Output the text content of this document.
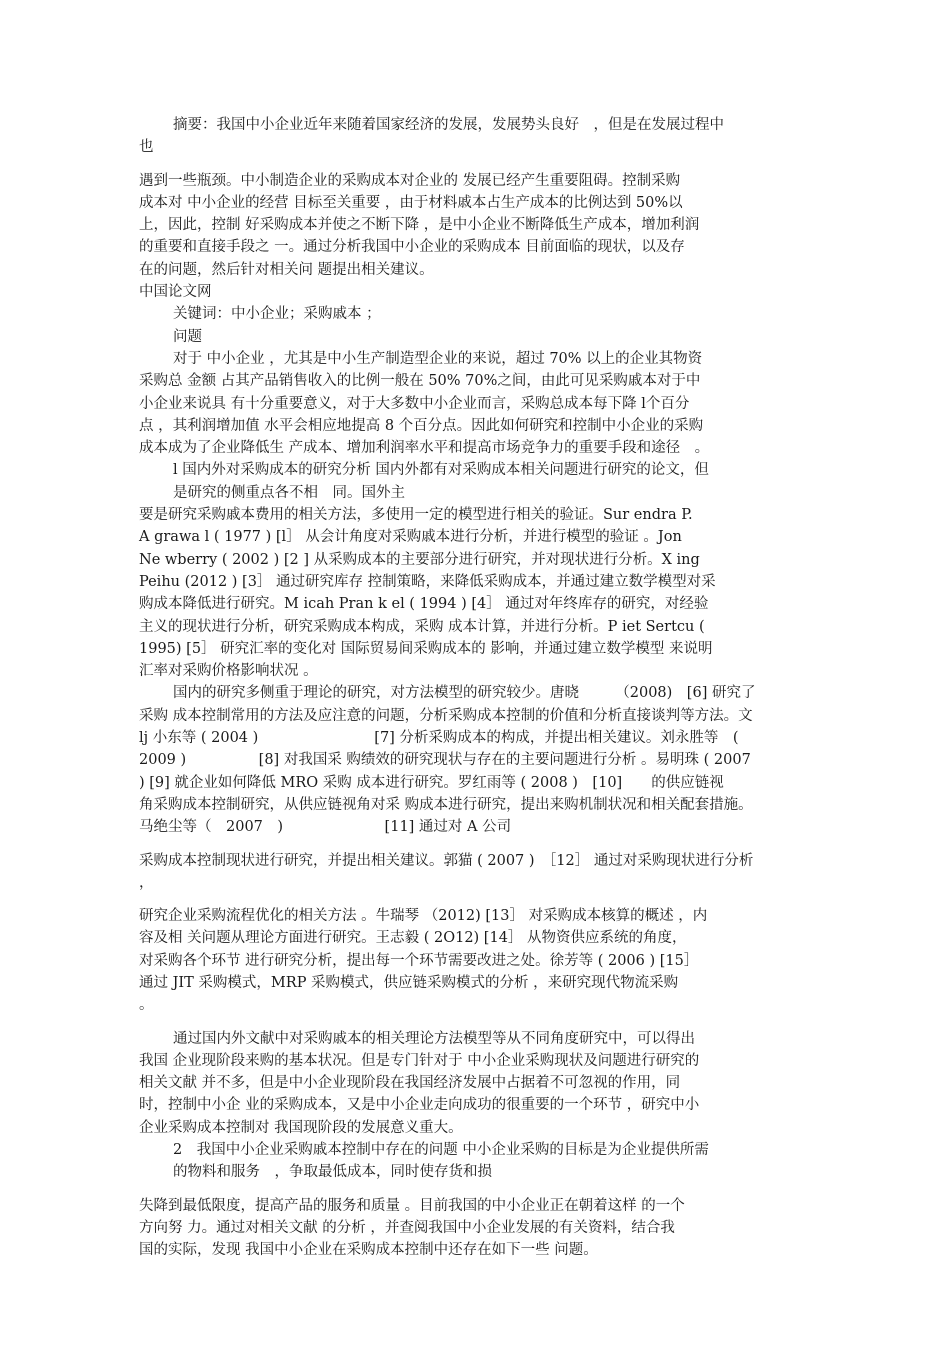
摘要：我国中小企业近年来随着国家经济的发展，发展势头良好　，但是在发展过程中

也

遇到一些瓶颈。中小制造企业的采购成本对企业的 发展已经产生重要阻碍。控制采购

成本对 中小企业的经营 目标至关重要 ，由于材料戚本占生产成本的比例达到 50%以

上，因此，控制 好采购成本并使之不断下降 ，是中小企业不断降低生产成本，增加利润

的重要和直接手段之 一。通过分析我国中小企业的采购成本 目前面临的现状，以及存

在的问题，然后针对相关问 题提出相关建议。

中国论文网

关键词：中小企业；采购戚本 ；

问题

对于 中小企业 ，尤其是中小生产制造型企业的来说，超过 70% 以上的企业其物资

采购总 金额 占其产品销售收入的比例一般在 50% 70%之间，由此可见采购戚本对于中

小企业来说具 有十分重要意义，对于大多数中小企业而言，采购总成本每下降 l个百分

点 ，其利润增加值 水平会相应地提高 8 个百分点。因此如何研究和控制中小企业的采购

成本成为了企业降低生 产成本、增加利润率水平和提高市场竞争力的重要手段和途径　。

l 国内外对采购成本的研究分析 国内外都有对采购成本相关问题进行研究的论文，但

是研究的侧重点各不相　同。国外主

要是研究采购戚本费用的相关方法，多使用一定的模型进行相关的验证。Sur endra P.

A grawa l ( 1977 ) [l］ 从会计角度对采购戚本进行分析，并进行模型的验证 。Jon

Ne wberry ( 2002 ) [2 ] 从采购成本的主要部分进行研究，并对现状进行分析。X ing

Peihu (2012 ) [3］ 通过研究库存 控制策略，来降低采购成本，并通过建立数学模型对采

购成本降低进行研究。M icah Pran k el ( 1994 ) [4］ 通过对年终库存的研究，对经验

主义的现状进行分析，研究采购成本构成，采购 成本计算，并进行分析。P iet Sertcu (

1995) [5］ 研究汇率的变化对 国际贸易间采购成本的 影响，并通过建立数学模型 来说明

汇率对采购价格影响状况 。

国内的研究多侧重于理论的研究，对方法模型的研究较少。唐晓　　　（2008)　[6] 研究了

采购 成本控制常用的方法及应注意的问题，分析采购成本控制的价值和分析直接谈判等方法。文

lj 小东等 ( 2004 )　　　　　　　　[7] 分析采购成本的构成，并提出相关建议。刘永胜等　(

2009 )　　　　　[8] 对我国采 购绩效的研究现状与存在的主要问题进行分析 。易明珠 ( 2007

) [9] 就企业如何降低 MRO 采购 成本进行研究。罗红雨等 ( 2008 )　[10]　　的供应链视

角采购成本控制研究，从供应链视角对采 购成本进行研究，提出来购机制状况和相关配套措施。

马绝尘等（　2007　)　　　　　　　[11] 通过对 A 公司

采购成本控制现状进行研究，并提出相关建议。郭猫 ( 2007 )　［12］ 通过对采购现状进行分析

，

研究企业采购流程优化的相关方法 。牛瑞琴 （2012) [13］ 对采购成本核算的概述 ，内

容及相 关问题从理论方面进行研究。王志毅 ( 2O12) [14］ 从物资供应系统的角度，

对采购各个环节 进行研究分析，提出每一个环节需要改进之处。徐芳等 ( 2006 ) [15］

通过 JIT 采购模式，MRP 采购模式，供应链采购模式的分析 ，来研究现代物流采购

。

通过国内外文献中对采购戚本的相关理论方法模型等从不同角度研究中，可以得出

我国 企业现阶段来购的基本状况。但是专门针对于 中小企业采购现状及问题进行研究的

相关文献 并不多，但是中小企业现阶段在我国经济发展中占据着不可忽视的作用，同

时，控制中小企 业的采购成本，又是中小企业走向成功的很重要的一个环节 ，研究中小

企业采购成本控制对 我国现阶段的发展意义重大。

2　我国中小企业采购戚本控制中存在的问题 中小企业采购的目标是为企业提供所需

的物料和服务　，争取最低成本，同时使存货和损

失降到最低限度，提高产品的服务和质量 。目前我国的中小企业正在朝着这样 的一个

方向努 力。通过对相关文献 的分析 ，并查阅我国中小企业发展的有关资料，结合我

国的实际，发现 我国中小企业在采购成本控制中还存在如下一些 问题。
